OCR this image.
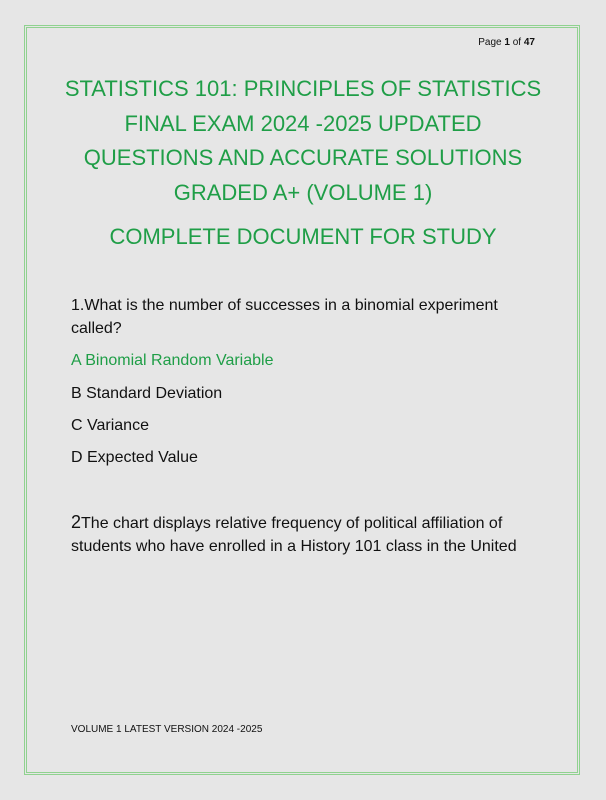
Page 1 of 47
STATISTICS 101: PRINCIPLES OF STATISTICS
FINAL EXAM 2024 -2025 UPDATED
QUESTIONS AND ACCURATE SOLUTIONS
GRADED A+ (VOLUME 1)
COMPLETE DOCUMENT FOR STUDY
1.What is the number of successes in a binomial experiment called?
A Binomial Random Variable
B Standard Deviation
C Variance
D Expected Value
2The chart displays relative frequency of political affiliation of students who have enrolled in a History 101 class in the United
VOLUME 1 LATEST VERSION 2024 -2025
